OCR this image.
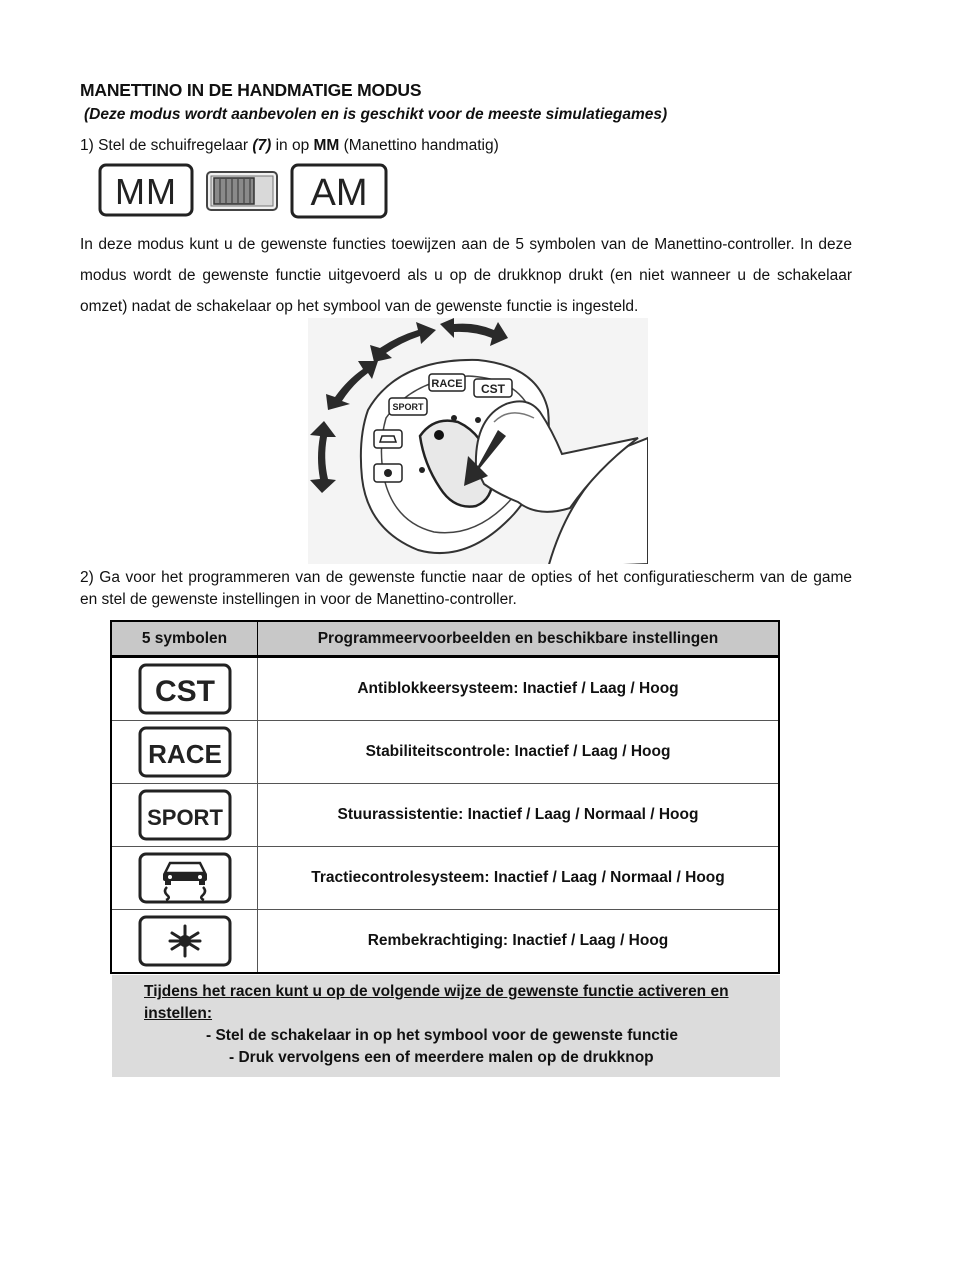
MANETTINO IN DE HANDMATIGE MODUS
(Deze modus wordt aanbevolen en is geschikt voor de meeste simulatiegames)
1) Stel de schuifregelaar (7) in op MM (Manettino handmatig)
MM	AM
In deze modus kunt u de gewenste functies toewijzen aan de 5 symbolen van de Manettino-controller. In deze modus wordt de gewenste functie uitgevoerd als u op de drukknop drukt (en niet wanneer u de schakelaar omzet) nadat de schakelaar op het symbool van de gewenste functie is ingesteld.
RACE CST
SPORT
2) Ga voor het programmeren van de gewenste functie naar de opties of het configuratiescherm van de game en stel de gewenste instellingen in voor de Manettino-controller.
5 symbolen	Programmeervoorbeelden en beschikbare instellingen

CST	Antiblokkeersysteem: Inactief / Laag / Hoog

RACE	Stabiliteitscontrole: Inactief / Laag / Hoog

SPORT	Stuurassistentie: Inactief / Laag / Normaal / Hoog

	Tractiecontrolesysteem: Inactief / Laag / Normaal / Hoog

	Rembekrachtiging: Inactief / Laag / Hoog
Tijdens het racen kunt u op de volgende wijze de gewenste functie activeren en
instellen:
- Stel de schakelaar in op het symbool voor de gewenste functie
- Druk vervolgens een of meerdere malen op de drukknop
